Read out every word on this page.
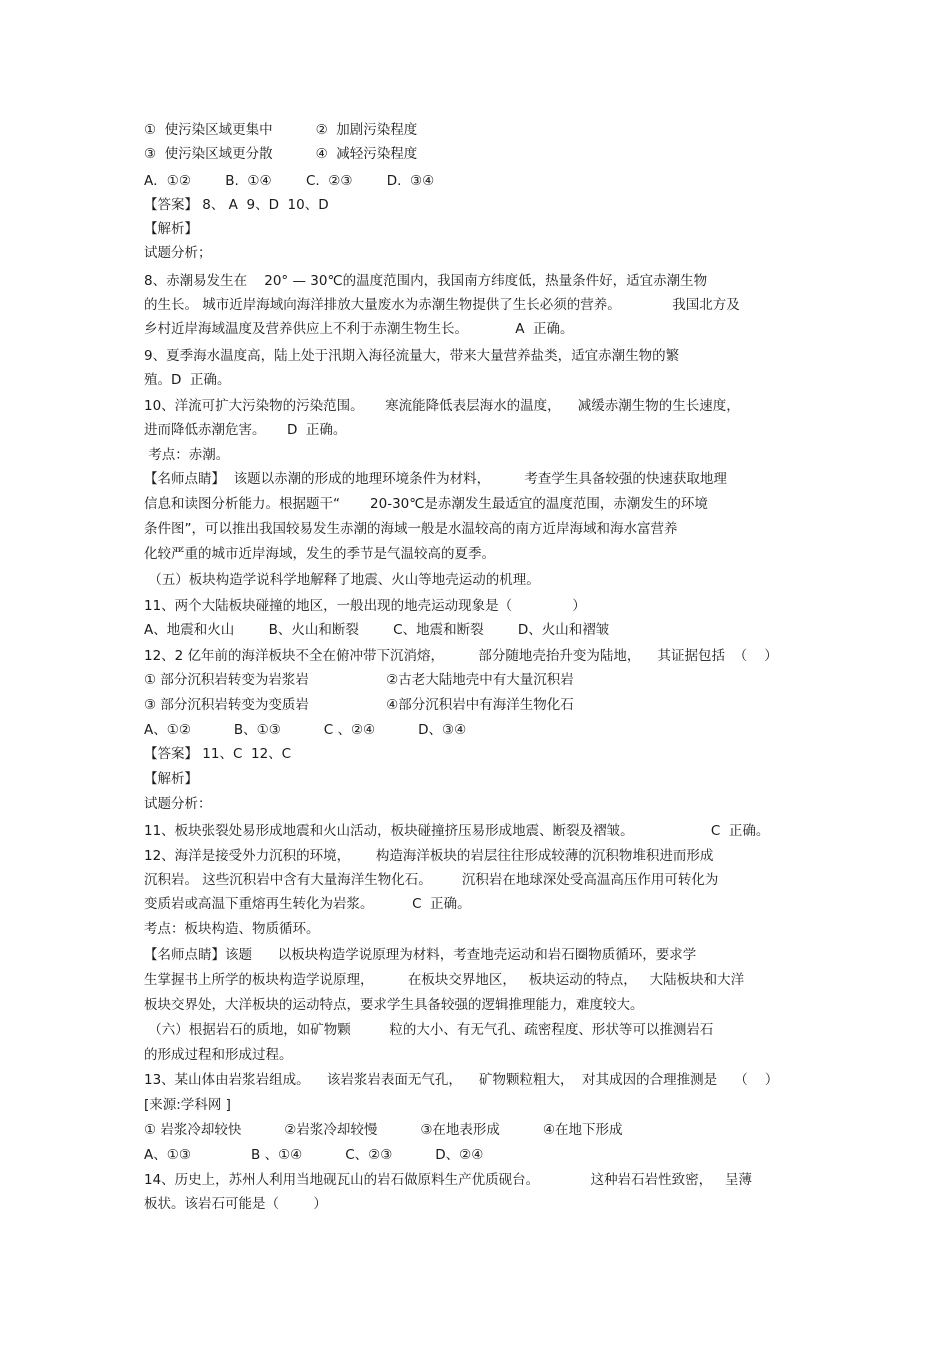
①  使污染区域更集中          ②  加剧污染程度

③  使污染区域更分散          ④  减轻污染程度

A．①②        B.  ①④        C.  ②③        D.  ③④

【答案】 8、 A  9、D  10、D

【解析】

试题分析；

8、赤潮易发生在    20° — 30℃的温度范围内，我国南方纬度低，热量条件好，适宜赤潮生物

的生长。 城市近岸海域向海洋排放大量废水为赤潮生物提供了生长必须的营养。            我国北方及

乡村近岸海域温度及营养供应上不利于赤潮生物生长。           A  正确。

9、夏季海水温度高，陆上处于汛期入海径流量大，带来大量营养盐类，适宜赤潮生物的繁

殖。D  正确。

10、洋流可扩大污染物的污染范围。     寒流能降低表层海水的温度，    减缓赤潮生物的生长速度，

进而降低赤潮危害。     D  正确。

考点：赤潮。

【名师点睛】  该题以赤潮的形成的地理环境条件为材料，        考查学生具备较强的快速获取地理

信息和读图分析能力。根据题干“       20-30℃是赤潮发生最适宜的温度范围，赤潮发生的环境

条件图”，可以推出我国较易发生赤潮的海域一般是水温较高的南方近岸海域和海水富营养

化较严重的城市近岸海域，发生的季节是气温较高的夏季。

（五）板块构造学说科学地解释了地震、火山等地壳运动的机理。

11、两个大陆板块碰撞的地区，一般出现的地壳运动现象是（              ）

A、地震和火山        B、火山和断裂        C、地震和断裂        D、火山和褶皱

12、2 亿年前的海洋板块不全在俯冲带下沉消熔，        部分随地壳抬升变为陆地，    其证据包括  （    ）

① 部分沉积岩转变为岩浆岩                  ②古老大陆地壳中有大量沉积岩

③ 部分沉积岩转变为变质岩                  ④部分沉积岩中有海洋生物化石

A、①②          B、①③          C 、②④          D、③④

【答案】 11、C  12、C

【解析】

试题分析：

11、板块张裂处易形成地震和火山活动，板块碰撞挤压易形成地震、断裂及褶皱。                  C  正确。

12、海洋是接受外力沉积的环境，      构造海洋板块的岩层往往形成较薄的沉积物堆积进而形成

沉积岩。 这些沉积岩中含有大量海洋生物化石。       沉积岩在地球深处受高温高压作用可转化为

变质岩或高温下重熔再生转化为岩浆。         C  正确。

考点：板块构造、物质循环。

【名师点睛】该题      以板块构造学说原理为材料，考查地壳运动和岩石圈物质循环，要求学

生掌握书上所学的板块构造学说原理，        在板块交界地区，   板块运动的特点，   大陆板块和大洋

板块交界处，大洋板块的运动特点，要求学生具备较强的逻辑推理能力，难度较大。

（六）根据岩石的质地，如矿物颗         粒的大小、有无气孔、疏密程度、形状等可以推测岩石

的形成过程和形成过程。

13、某山体由岩浆岩组成。    该岩浆岩表面无气孔，    矿物颗粒粗大，  对其成因的合理推测是    （    ）

[来源:学科网 ]

① 岩浆冷却较快          ②岩浆冷却较慢          ③在地表形成          ④在地下形成

A、①③              B 、①④          C、②③          D、②④

14、历史上，苏州人利用当地砚瓦山的岩石做原料生产优质砚台。            这种岩石岩性致密，   呈薄

板状。该岩石可能是（        ）
